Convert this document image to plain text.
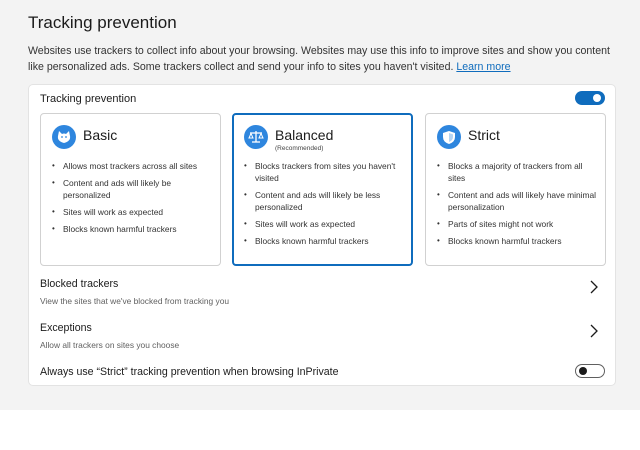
Tracking prevention

Websites use trackers to collect info about your browsing. Websites may use this info to improve sites and show you content like personalized ads. Some trackers collect and send your info to sites you haven't visited. Learn more

Tracking prevention
Basic
• Allows most trackers across all sites
• Content and ads will likely be personalized
• Sites will work as expected
• Blocks known harmful trackers
Balanced
(Recommended)
• Blocks trackers from sites you haven't visited
• Content and ads will likely be less personalized
• Sites will work as expected
• Blocks known harmful trackers
Strict
• Blocks a majority of trackers from all sites
• Content and ads will likely have minimal personalization
• Parts of sites might not work
• Blocks known harmful trackers
Blocked trackers
View the sites that we've blocked from tracking you
Exceptions
Allow all trackers on sites you choose
Always use “Strict” tracking prevention when browsing InPrivate
